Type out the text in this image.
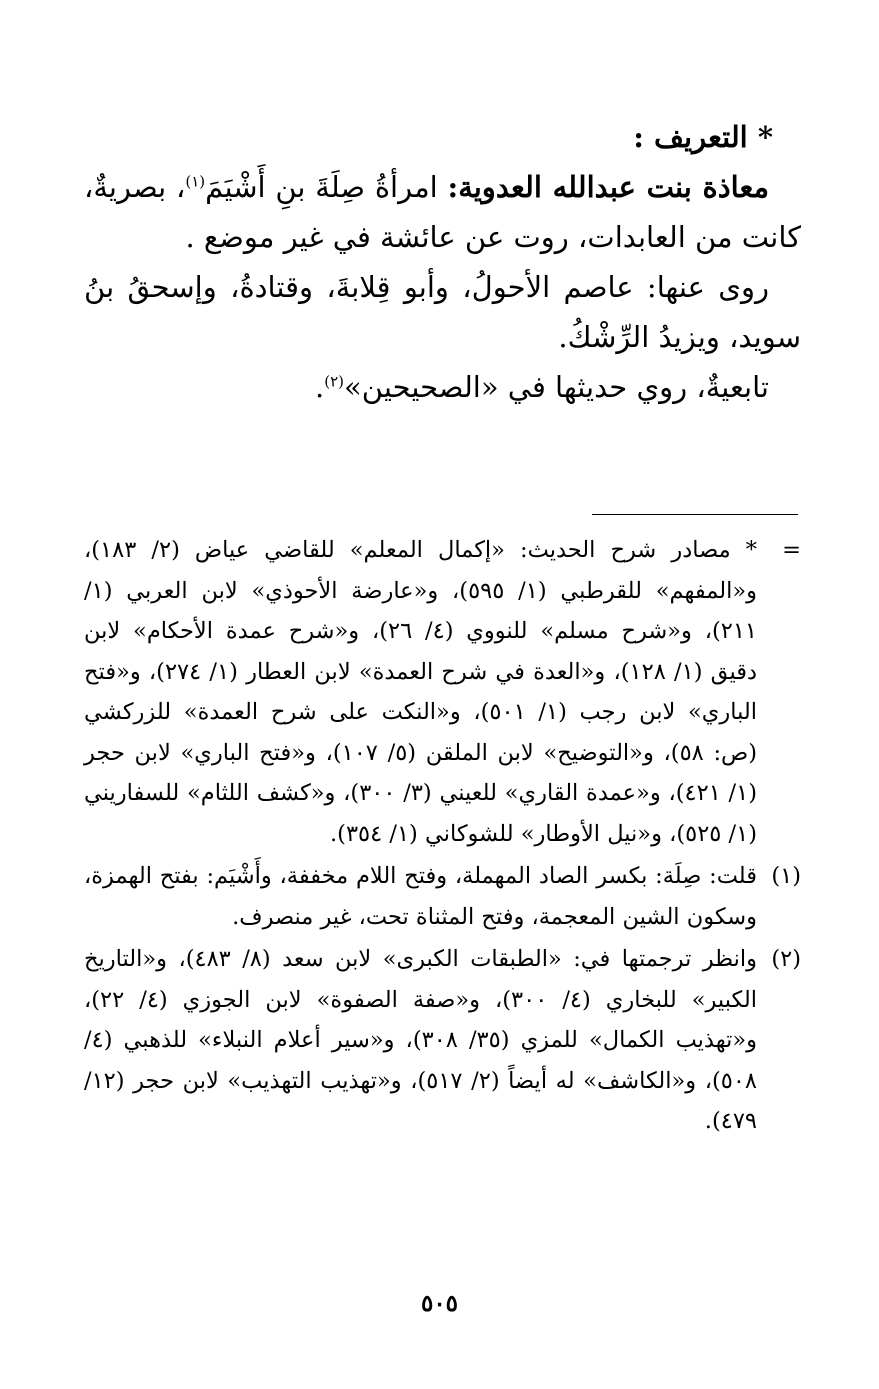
* التعريف :

معاذة بنت عبدالله العدوية: امرأةُ صِلَةَ بنِ أَشْيَمَ$^{(١)}$، بصريةٌ، كانت من العابدات، روت عن عائشة في غير موضع .

روى عنها: عاصم الأحولُ، وأبو قِلابةَ، وقتادةُ، وإسحقُ بنُ سويد، ويزيدُ الرِّشْكُ.

تابعيةٌ، روي حديثها في «الصحيحين»$^{(٢)}$.

=
* مصادر شرح الحديث: «إكمال المعلم» للقاضي عياض (٢/ ١٨٣)، و«المفهم» للقرطبي (١/ ٥٩٥)، و«عارضة الأحوذي» لابن العربي (١/ ٢١١)، و«شرح مسلم» للنووي (٤/ ٢٦)، و«شرح عمدة الأحكام» لابن دقيق (١/ ١٢٨)، و«العدة في شرح العمدة» لابن العطار (١/ ٢٧٤)، و«فتح الباري» لابن رجب (١/ ٥٠١)، و«النكت على شرح العمدة» للزركشي (ص: ٥٨)، و«التوضيح» لابن الملقن (٥/ ١٠٧)، و«فتح الباري» لابن حجر (١/ ٤٢١)، و«عمدة القاري» للعيني (٣/ ٣٠٠)، و«كشف اللثام» للسفاريني (١/ ٥٢٥)، و«نيل الأوطار» للشوكاني (١/ ٣٥٤).
(١)
قلت: صِلَة: بكسر الصاد المهملة، وفتح اللام مخففة، وأَشْيَم: بفتح الهمزة، وسكون الشين المعجمة، وفتح المثناة تحت، غير منصرف.
(٢)
وانظر ترجمتها في: «الطبقات الكبرى» لابن سعد (٨/ ٤٨٣)، و«التاريخ الكبير» للبخاري (٤/ ٣٠٠)، و«صفة الصفوة» لابن الجوزي (٤/ ٢٢)، و«تهذيب الكمال» للمزي (٣٥/ ٣٠٨)، و«سير أعلام النبلاء» للذهبي (٤/ ٥٠٨)، و«الكاشف» له أيضاً (٢/ ٥١٧)، و«تهذيب التهذيب» لابن حجر (١٢/ ٤٧٩).
٥٠٥
